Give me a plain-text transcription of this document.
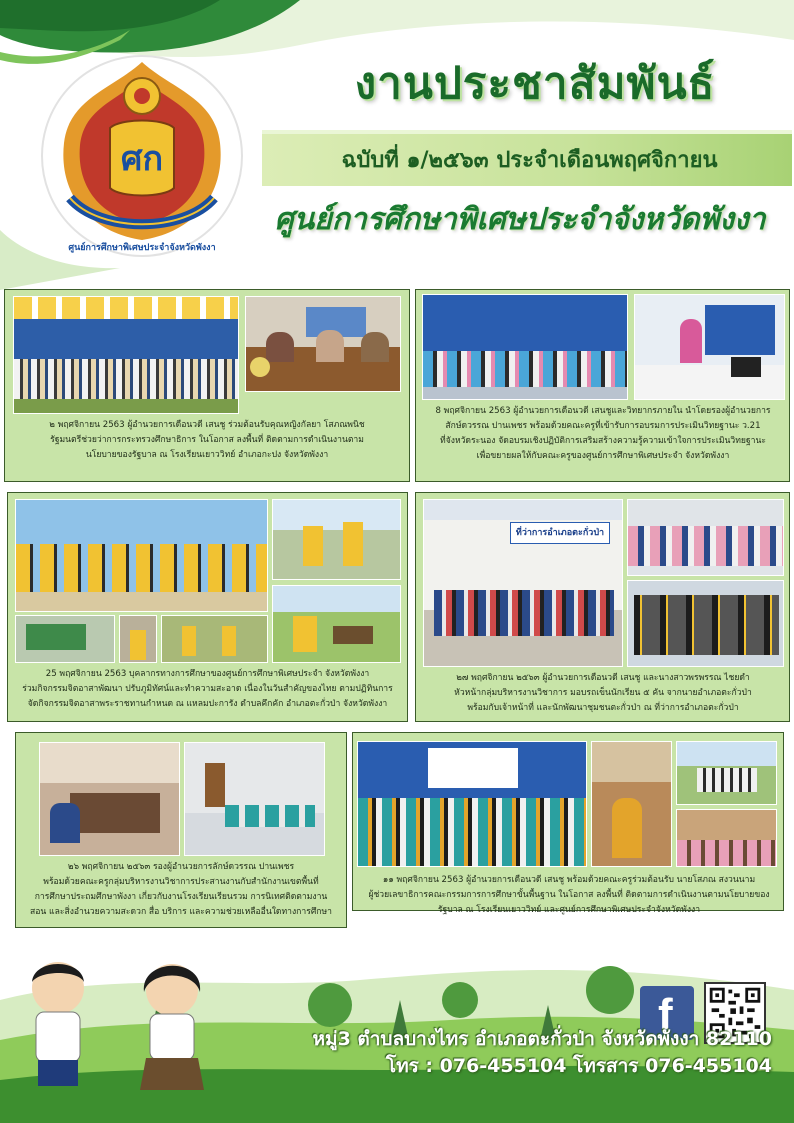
ศก
ศูนย์การศึกษาพิเศษประจำจังหวัดพังงา
งานประชาสัมพันธ์
ฉบับที่ ๑/๒๕๖๓ ประจำเดือนพฤศจิกายน
ศูนย์การศึกษาพิเศษประจำจังหวัดพังงา
๒ พฤศจิกายน 2563 ผู้อำนวยการเดือนวดี เสนชู ร่วมต้อนรับคุณหญิงกัลยา โสภณพนิช
รัฐมนตรีช่วยว่าการกระทรวงศึกษาธิการ ในโอกาส ลงพื้นที่ ติดตามการดำเนินงานตาม
นโยบายของรัฐบาล ณ โรงเรียนเยาววิทย์ อำเภอกะปง จังหวัดพังงา
8 พฤศจิกายน 2563 ผู้อำนวยการเดือนวดี เสนชูและวิทยากรภายใน นำโดยรองผู้อำนวยการ
สักษ์ดวรรณ ปานเพชร พร้อมด้วยคณะครูที่เข้ารับการอบรมการประเมินวิทยฐานะ ว.21
ที่จังหวัดระนอง จัดอบรมเชิงปฏิบัติการเสริมสร้างความรู้ความเข้าใจการประเมินวิทยฐานะ
เพื่อขยายผลให้กับคณะครูของศูนย์การศึกษาพิเศษประจำ จังหวัดพังงา
25 พฤศจิกายน 2563 บุคลากรทางการศึกษาของศูนย์การศึกษาพิเศษประจำ จังหวัดพังงา
ร่วมกิจกรรมจิตอาสาพัฒนา ปรับภูมิทัศน์และทำความสะอาด เนื่องในวันสำคัญของไทย ตามปฏิทินการ
จัดกิจกรรมจิตอาสาพระราชทานกำหนด ณ แหลมปะการัง ตำบลคึกคัก อำเภอตะกั่วป่า จังหวัดพังงา
ที่ว่าการอำเภอตะกั่วป่า
๒๗ พฤศจิกายน ๒๕๖๓ ผู้อำนวยการเดือนวดี เสนชู และนางสาวพรพรรณ ไชยดำ
หัวหน้ากลุ่มบริหารงานวิชาการ มอบรถเข็นนักเรียน ๕ คัน จากนายอำเภอตะกั่วป่า
พร้อมกับเจ้าหน้าที่ และนักพัฒนาชุมชนตะกั่วป่า ณ ที่ว่าการอำเภอตะกั่วป่า
๒๖ พฤศจิกายน ๒๕๖๓ รองผู้อำนวยการลักษ์ดวรรณ ปานเพชร
พร้อมด้วยคณะครูกลุ่มบริหารงานวิชาการประสานงานกับสำนักงานเขตพื้นที่
การศึกษาประถมศึกษาพังงา เกี่ยวกับงานโรงเรียนเรียนรวม การนิเทศติดตามงาน
สอน และสิ่งอำนวยความสะดวก สื่อ บริการ และความช่วยเหลืออื่นใดทางการศึกษา
๑๑ พฤศจิกายน 2563 ผู้อำนวยการเดือนวดี เสนชู พร้อมด้วยคณะครูร่วมต้อนรับ นายโสภณ สงวนนาม
ผู้ช่วยเลขาธิการคณะกรรมการการศึกษาขั้นพื้นฐาน ในโอกาส ลงพื้นที่ ติดตามการดำเนินงานตามนโยบายของ
รัฐบาล ณ โรงเรียนเยาววิทย์ และศูนย์การศึกษาพิเศษประจำจังหวัดพังงา
f
หมู่3 ตำบลบางไทร อำเภอตะกั่วป่า จังหวัดพังงา 82110
โทร : 076-455104 โทรสาร 076-455104
